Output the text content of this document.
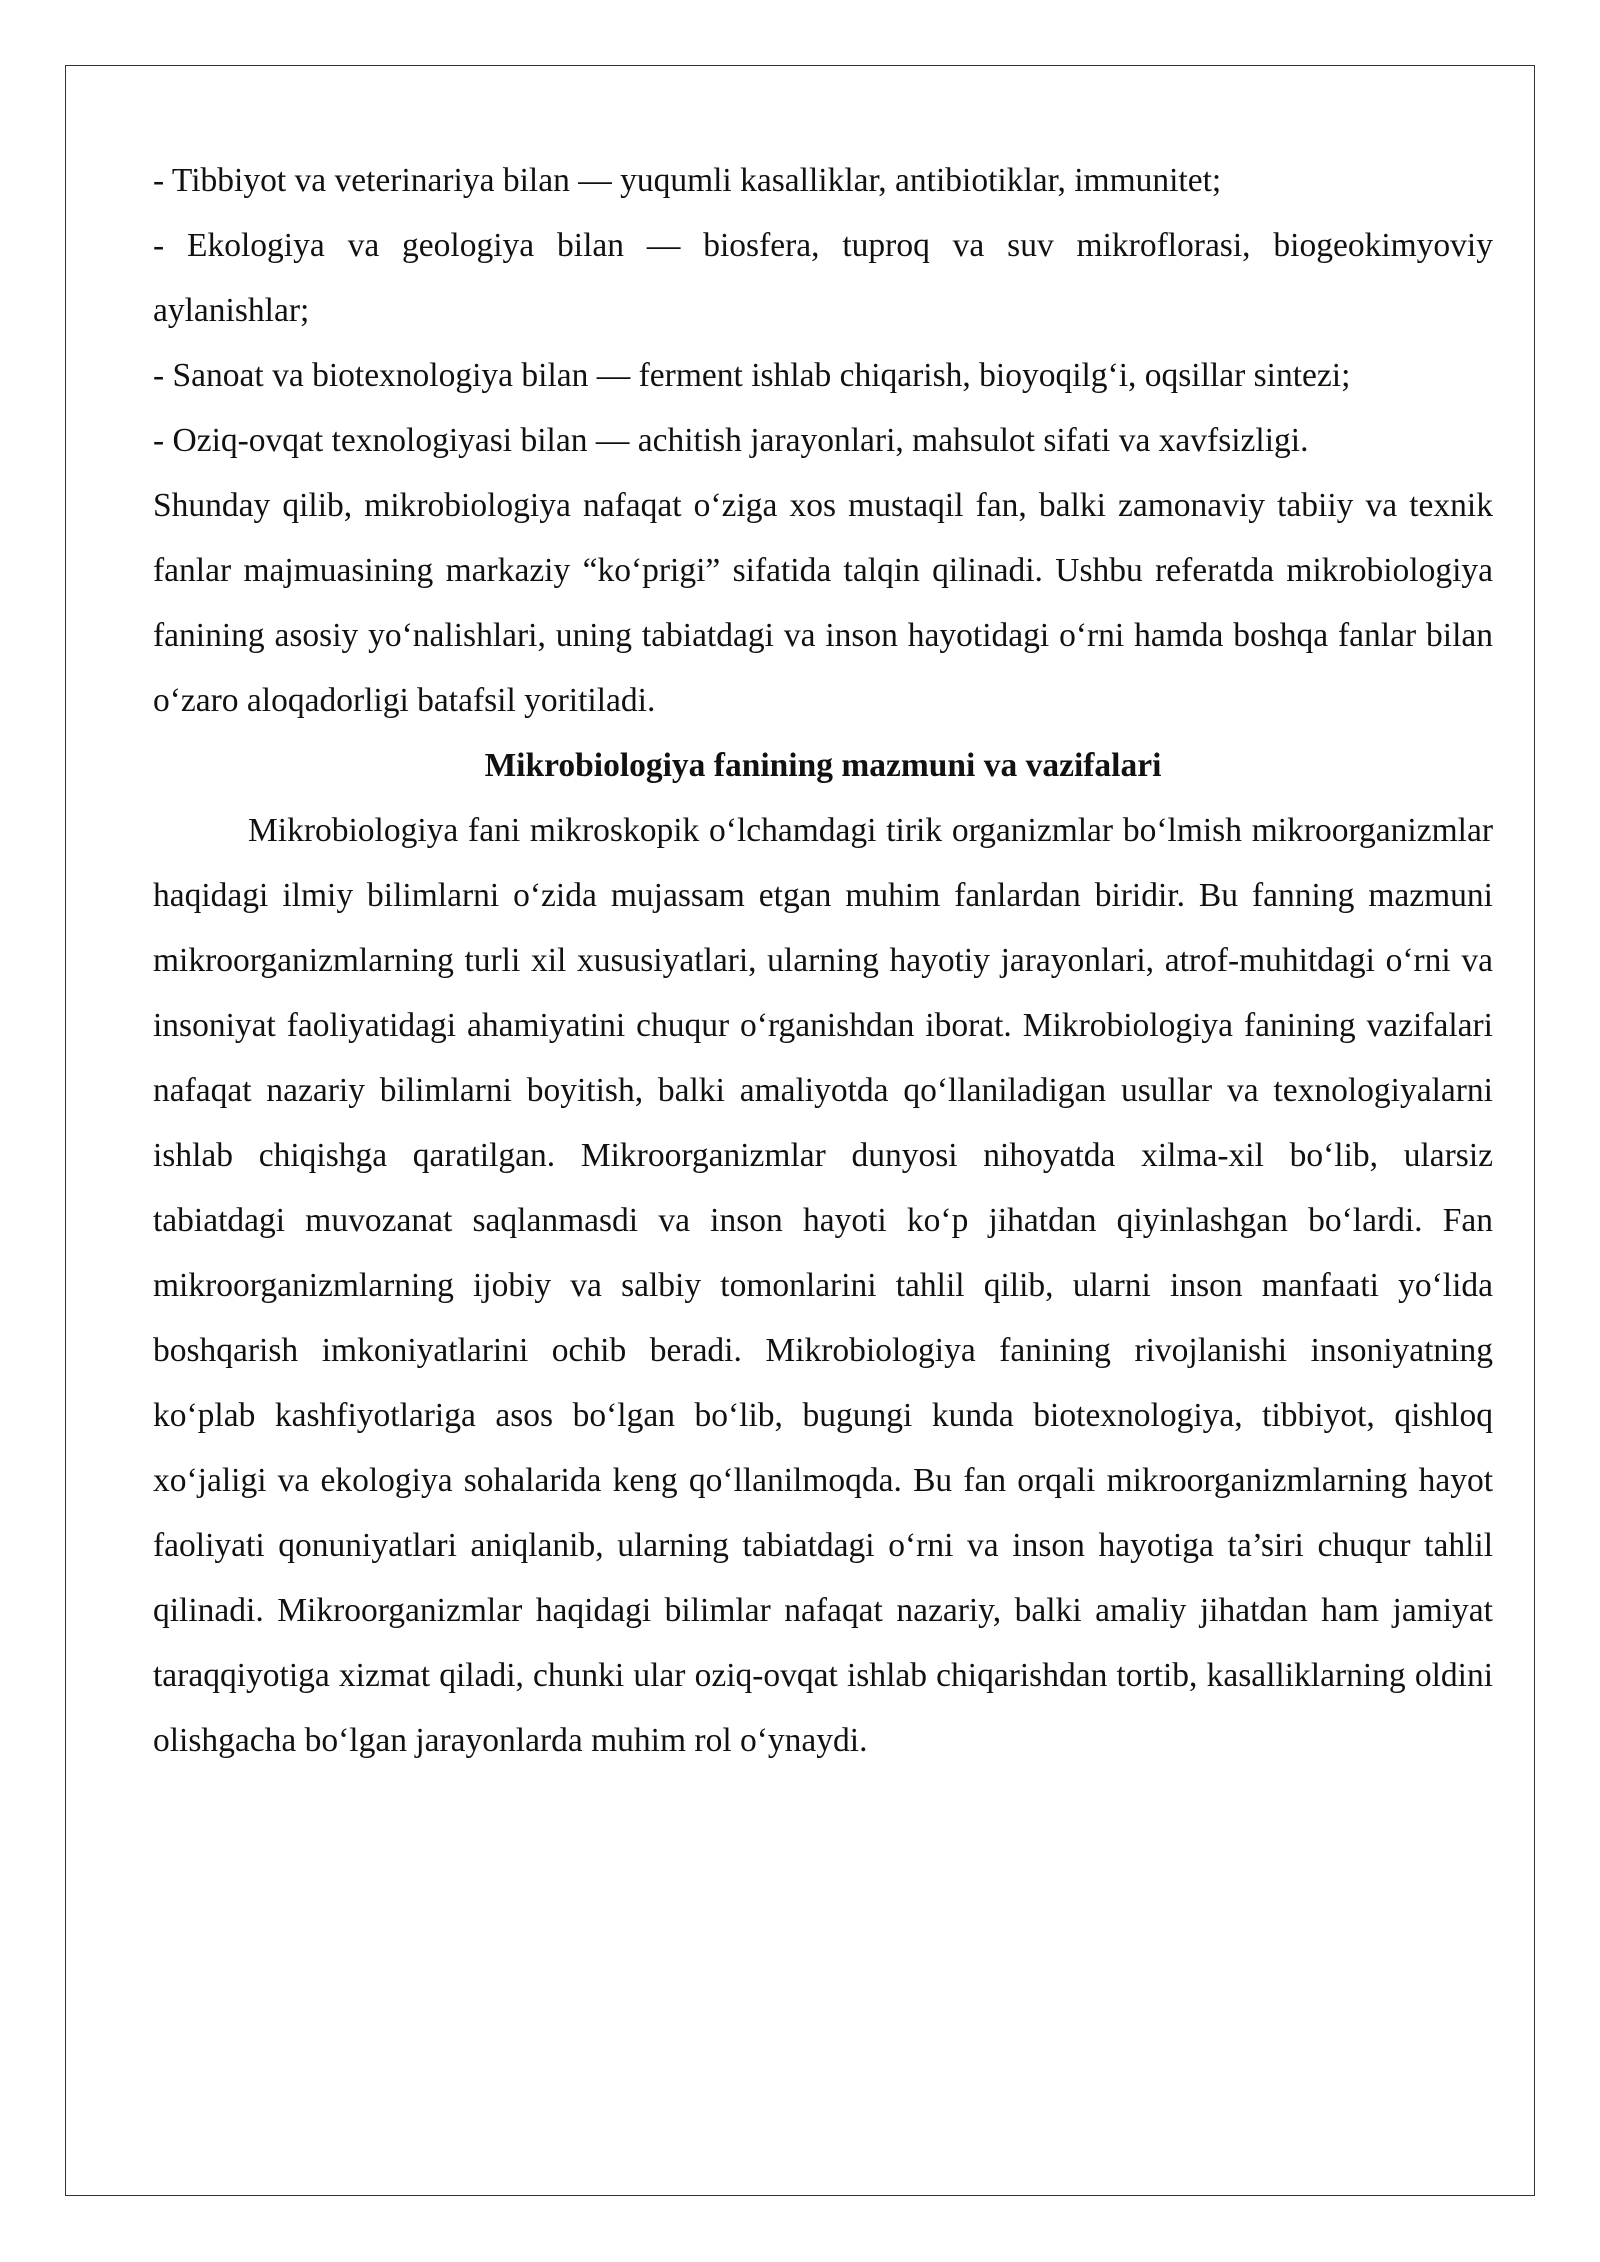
- Tibbiyot va veterinariya bilan — yuqumli kasalliklar, antibiotiklar, immunitet;

- Ekologiya va geologiya bilan — biosfera, tuproq va suv mikroflorasi, biogeokimyoviy aylanishlar;

- Sanoat va biotexnologiya bilan — ferment ishlab chiqarish, bioyoqilg‘i, oqsillar sintezi;

- Oziq-ovqat texnologiyasi bilan — achitish jarayonlari, mahsulot sifati va xavfsizligi.

Shunday qilib, mikrobiologiya nafaqat o‘ziga xos mustaqil fan, balki zamonaviy tabiiy va texnik fanlar majmuasining markaziy “ko‘prigi” sifatida talqin qilinadi. Ushbu referatda mikrobiologiya fanining asosiy yo‘nalishlari, uning tabiatdagi va inson hayotidagi o‘rni hamda boshqa fanlar bilan o‘zaro aloqadorligi batafsil yoritiladi.

Mikrobiologiya fanining mazmuni va vazifalari

Mikrobiologiya fani mikroskopik o‘lchamdagi tirik organizmlar bo‘lmish mikroorganizmlar haqidagi ilmiy bilimlarni o‘zida mujassam etgan muhim fanlardan biridir. Bu fanning mazmuni mikroorganizmlarning turli xil xususiyatlari, ularning hayotiy jarayonlari, atrof-muhitdagi o‘rni va insoniyat faoliyatidagi ahamiyatini chuqur o‘rganishdan iborat. Mikrobiologiya fanining vazifalari nafaqat nazariy bilimlarni boyitish, balki amaliyotda qo‘llaniladigan usullar va texnologiyalarni ishlab chiqishga qaratilgan. Mikroorganizmlar dunyosi nihoyatda xilma-xil bo‘lib, ularsiz tabiatdagi muvozanat saqlanmasdi va inson hayoti ko‘p jihatdan qiyinlashgan bo‘lardi. Fan mikroorganizmlarning ijobiy va salbiy tomonlarini tahlil qilib, ularni inson manfaati yo‘lida boshqarish imkoniyatlarini ochib beradi. Mikrobiologiya fanining rivojlanishi insoniyatning ko‘plab kashfiyotlariga asos bo‘lgan bo‘lib, bugungi kunda biotexnologiya, tibbiyot, qishloq xo‘jaligi va ekologiya sohalarida keng qo‘llanilmoqda. Bu fan orqali mikroorganizmlarning hayot faoliyati qonuniyatlari aniqlanib, ularning tabiatdagi o‘rni va inson hayotiga ta’siri chuqur tahlil qilinadi. Mikroorganizmlar haqidagi bilimlar nafaqat nazariy, balki amaliy jihatdan ham jamiyat taraqqiyotiga xizmat qiladi, chunki ular oziq-ovqat ishlab chiqarishdan tortib, kasalliklarning oldini olishgacha bo‘lgan jarayonlarda muhim rol o‘ynaydi.
